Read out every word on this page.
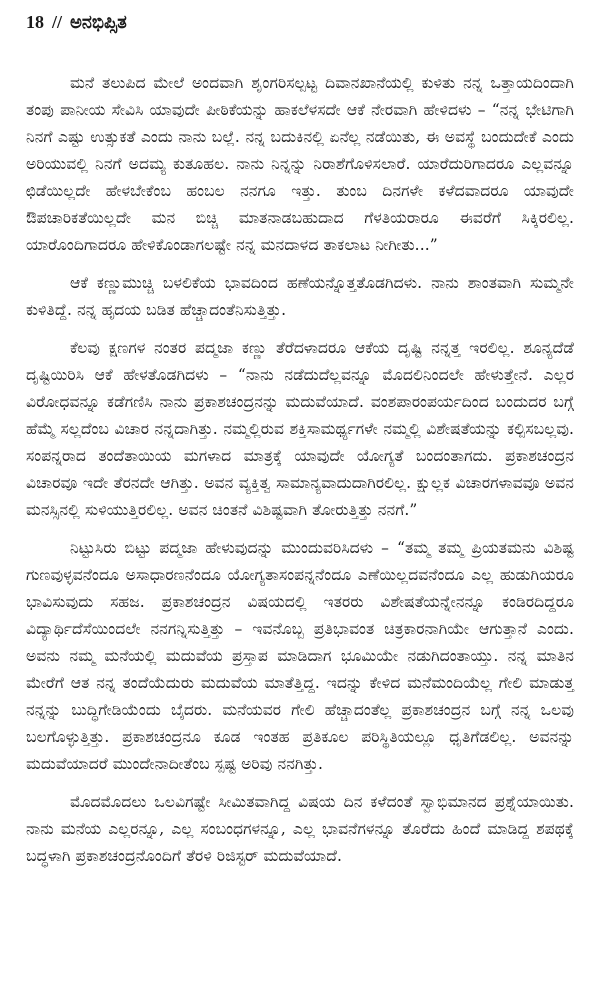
18 // ಅನಭಿಪ್ಸಿತ

ಮನೆ ತಲುಪಿದ ಮೇಲೆ ಅಂದವಾಗಿ ಶೃಂಗರಿಸಲ್ಪಟ್ಟ ದಿವಾನಖಾನೆಯಲ್ಲಿ ಕುಳಿತು ನನ್ನ ಒತ್ತಾಯದಿಂದಾಗಿ ತಂಪು ಪಾನೀಯ ಸೇವಿಸಿ ಯಾವುದೇ ಪೀಠಿಕೆಯನ್ನು ಹಾಕಲೆಳಸದೇ ಆಕೆ ನೇರವಾಗಿ ಹೇಳಿದಳು – “ನನ್ನ ಭೇಟಿಗಾಗಿ ನಿನಗೆ ಎಷ್ಟು ಉತ್ಸುಕತೆ ಎಂದು ನಾನು ಬಲ್ಲೆ. ನನ್ನ ಬದುಕಿನಲ್ಲಿ ಏನೆಲ್ಲ ನಡೆಯಿತು, ಈ ಅವಸ್ಥೆ ಬಂದುದೇಕೆ ಎಂದು ಅರಿಯುವಲ್ಲಿ ನಿನಗೆ ಅದಮ್ಯ ಕುತೂಹಲ. ನಾನು ನಿನ್ನನ್ನು ನಿರಾಶೆಗೊಳಿಸಲಾರೆ. ಯಾರೆದುರಿಗಾದರೂ ಎಲ್ಲವನ್ನೂ ಛಿಡೆಯಿಲ್ಲದೇ ಹೇಳಬೇಕೆಂಬ ಹಂಬಲ ನನಗೂ ಇತ್ತು. ತುಂಬ ದಿನಗಳೇ ಕಳೆದವಾದರೂ ಯಾವುದೇ ಔಪಚಾರಿಕತೆಯಿಲ್ಲದೇ ಮನ ಬಿಚ್ಚಿ ಮಾತನಾಡಬಹುದಾದ ಗೆಳತಿಯರಾರೂ ಈವರೆಗೆ ಸಿಕ್ಕಿರಲಿಲ್ಲ. ಯಾರೊಂದಿಗಾದರೂ ಹೇಳಿಕೊಂಡಾಗಲಷ್ಟೇ ನನ್ನ ಮನದಾಳದ ತಾಕಲಾಟ ನೀಗೀತು...”

ಆಕೆ ಕಣ್ಣುಮುಚ್ಚಿ ಬಳಲಿಕೆಯ ಭಾವದಿಂದ ಹಣೆಯನ್ನೊತ್ತತೊಡಗಿದಳು. ನಾನು ಶಾಂತವಾಗಿ ಸುಮ್ಮನೇ ಕುಳಿತಿದ್ದೆ. ನನ್ನ ಹೃದಯ ಬಡಿತ ಹೆಚ್ಚಾದಂತೆನಿಸುತ್ತಿತ್ತು.

ಕೆಲವು ಕ್ಷಣಗಳ ನಂತರ ಪದ್ಮಜಾ ಕಣ್ಣು ತೆರೆದಳಾದರೂ ಆಕೆಯ ದೃಷ್ಟಿ ನನ್ನತ್ತ ಇರಲಿಲ್ಲ. ಶೂನ್ಯದೆಡೆ ದೃಷ್ಟಿಯಿರಿಸಿ ಆಕೆ ಹೇಳತೊಡಗಿದಳು – “ನಾನು ನಡೆದುದೆಲ್ಲವನ್ನೂ ಮೊದಲಿನಿಂದಲೇ ಹೇಳುತ್ತೇನೆ. ಎಲ್ಲರ ವಿರೋಧವನ್ನೂ ಕಡೆಗಣಿಸಿ ನಾನು ಪ್ರಕಾಶಚಂದ್ರನನ್ನು ಮದುವೆಯಾದೆ. ವಂಶಪಾರಂಪರ್ಯದಿಂದ ಬಂದುದರ ಬಗ್ಗೆ ಹೆಮ್ಮೆ ಸಲ್ಲದೆಂಬ ವಿಚಾರ ನನ್ನದಾಗಿತ್ತು. ನಮ್ಮಲ್ಲಿರುವ ಶಕ್ತಿಸಾಮರ್ಥ್ಯಗಳೇ ನಮ್ಮಲ್ಲಿ ವಿಶೇಷತೆಯನ್ನು ಕಲ್ಪಿಸಬಲ್ಲವು. ಸಂಪನ್ನರಾದ ತಂದೆತಾಯಿಯ ಮಗಳಾದ ಮಾತ್ರಕ್ಕೆ ಯಾವುದೇ ಯೋಗ್ಯತೆ ಬಂದಂತಾಗದು. ಪ್ರಕಾಶಚಂದ್ರನ ವಿಚಾರವೂ ಇದೇ ತೆರನದೇ ಆಗಿತ್ತು. ಅವನ ವ್ಯಕ್ತಿತ್ವ ಸಾಮಾನ್ಯವಾದುದಾಗಿರಲಿಲ್ಲ. ಕ್ಷುಲ್ಲಕ ವಿಚಾರಗಳಾವವೂ ಅವನ ಮನಸ್ಸಿನಲ್ಲಿ ಸುಳಿಯುತ್ತಿರಲಿಲ್ಲ. ಅವನ ಚಿಂತನೆ ವಿಶಿಷ್ಟವಾಗಿ ತೋರುತ್ತಿತ್ತು ನನಗೆ.”

ನಿಟ್ಟುಸಿರು ಬಿಟ್ಟು ಪದ್ಮಜಾ ಹೇಳುವುದನ್ನು ಮುಂದುವರಿಸಿದಳು – “ತಮ್ಮ ತಮ್ಮ ಪ್ರಿಯತಮನು ವಿಶಿಷ್ಟ ಗುಣವುಳ್ಳವನೆಂದೂ ಅಸಾಧಾರಣನೆಂದೂ ಯೋಗ್ಯತಾಸಂಪನ್ನನೆಂದೂ ಎಣೆಯಿಲ್ಲದವನೆಂದೂ ಎಲ್ಲ ಹುಡುಗಿಯರೂ ಭಾವಿಸುವುದು ಸಹಜ. ಪ್ರಕಾಶಚಂದ್ರನ ವಿಷಯದಲ್ಲಿ ಇತರರು ವಿಶೇಷತೆಯನ್ನೇನನ್ನೂ ಕಂಡಿರದಿದ್ದರೂ ವಿದ್ಯಾರ್ಥಿದೆಸೆಯಿಂದಲೇ ನನಗನ್ನಿಸುತ್ತಿತ್ತು – ಇವನೊಬ್ಬ ಪ್ರತಿಭಾವಂತ ಚಿತ್ರಕಾರನಾಗಿಯೇ ಆಗುತ್ತಾನೆ ಎಂದು. ಅವನು ನಮ್ಮ ಮನೆಯಲ್ಲಿ ಮದುವೆಯ ಪ್ರಸ್ತಾಪ ಮಾಡಿದಾಗ ಭೂಮಿಯೇ ನಡುಗಿದಂತಾಯ್ತು. ನನ್ನ ಮಾತಿನ ಮೇರೆಗೆ ಆತ ನನ್ನ ತಂದೆಯೆದುರು ಮದುವೆಯ ಮಾತೆತ್ತಿದ್ದ. ಇದನ್ನು ಕೇಳಿದ ಮನೆಮಂದಿಯೆಲ್ಲ ಗೇಲಿ ಮಾಡುತ್ತ ನನ್ನನ್ನು ಬುದ್ಧಿಗೇಡಿಯೆಂದು ಬೈದರು. ಮನೆಯವರ ಗೇಲಿ ಹೆಚ್ಚಾದಂತೆಲ್ಲ ಪ್ರಕಾಶಚಂದ್ರನ ಬಗ್ಗೆ ನನ್ನ ಒಲವು ಬಲಗೊಳ್ಳುತ್ತಿತ್ತು. ಪ್ರಕಾಶಚಂದ್ರನೂ ಕೂಡ ಇಂತಹ ಪ್ರತಿಕೂಲ ಪರಿಸ್ಥಿತಿಯಲ್ಲೂ ಧೃತಿಗೆಡಲಿಲ್ಲ. ಅವನನ್ನು ಮದುವೆಯಾದರೆ ಮುಂದೇನಾದೀತೆಂಬ ಸ್ಪಷ್ಟ ಅರಿವು ನನಗಿತ್ತು.

ಮೊದಮೊದಲು ಒಲವಿಗಷ್ಟೇ ಸೀಮಿತವಾಗಿದ್ದ ವಿಷಯ ದಿನ ಕಳೆದಂತೆ ಸ್ವಾಭಿಮಾನದ ಪ್ರಶ್ನೆಯಾಯಿತು. ನಾನು ಮನೆಯ ಎಲ್ಲರನ್ನೂ, ಎಲ್ಲ ಸಂಬಂಧಗಳನ್ನೂ, ಎಲ್ಲ ಭಾವನೆಗಳನ್ನೂ ತೊರೆದು ಹಿಂದೆ ಮಾಡಿದ್ದ ಶಪಥಕ್ಕೆ ಬದ್ಧಳಾಗಿ ಪ್ರಕಾಶಚಂದ್ರನೊಂದಿಗೆ ತೆರಳಿ ರಿಜಿಸ್ಟರ್ ಮದುವೆಯಾದೆ.
